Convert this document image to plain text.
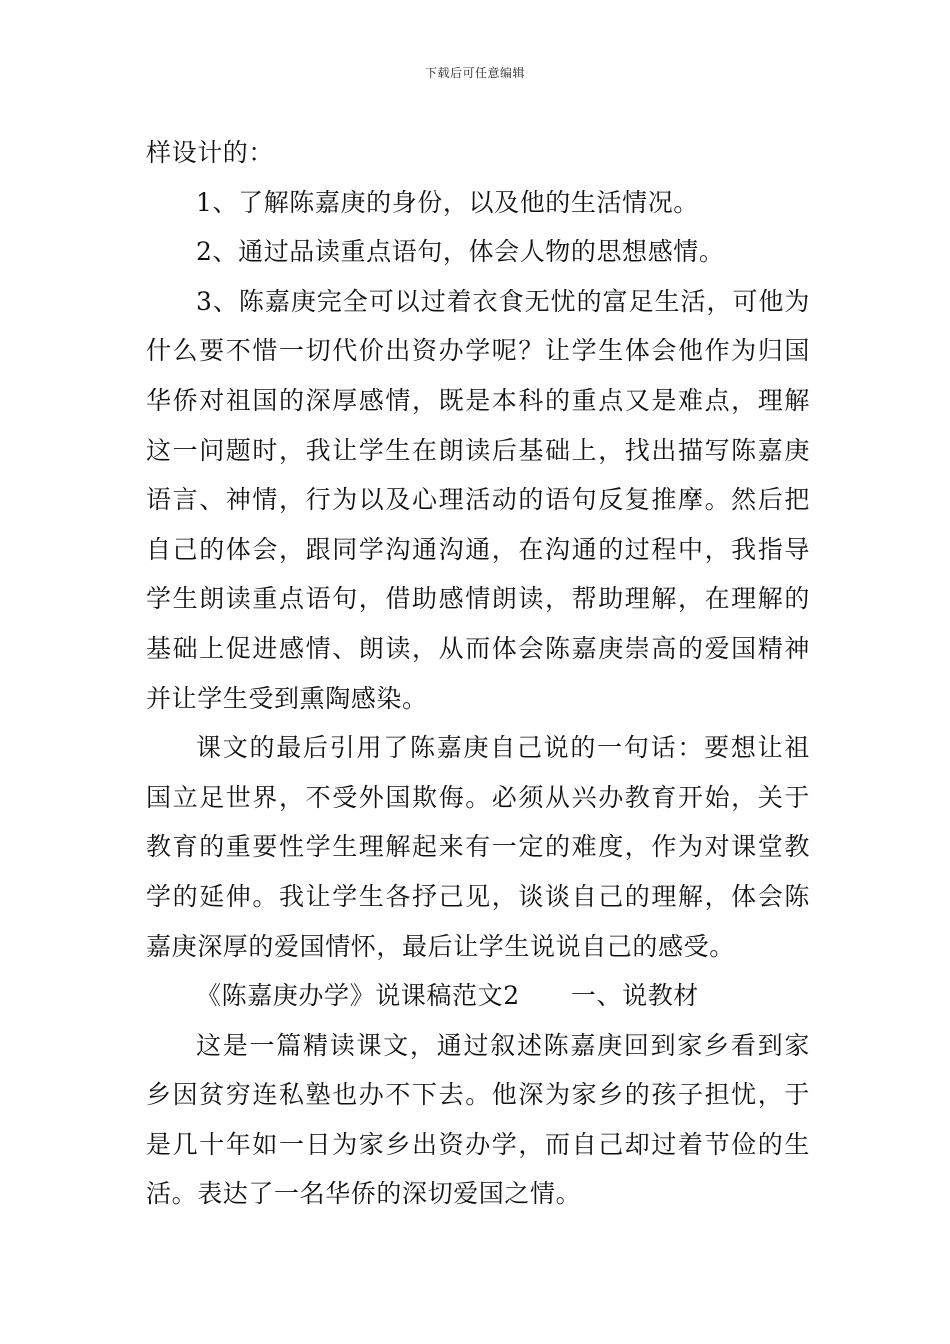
下载后可任意编辑

样设计的：

1、了解陈嘉庚的身份，以及他的生活情况。

2、通过品读重点语句，体会人物的思想感情。

3、陈嘉庚完全可以过着衣食无忧的富足生活，可他为什么要不惜一切代价出资办学呢？让学生体会他作为归国华侨对祖国的深厚感情，既是本科的重点又是难点，理解这一问题时，我让学生在朗读后基础上，找出描写陈嘉庚语言、神情，行为以及心理活动的语句反复推摩。然后把自己的体会，跟同学沟通沟通，在沟通的过程中，我指导学生朗读重点语句，借助感情朗读，帮助理解，在理解的基础上促进感情、朗读，从而体会陈嘉庚崇高的爱国精神并让学生受到熏陶感染。

课文的最后引用了陈嘉庚自己说的一句话：要想让祖国立足世界，不受外国欺侮。必须从兴办教育开始，关于教育的重要性学生理解起来有一定的难度，作为对课堂教学的延伸。我让学生各抒己见，谈谈自己的理解，体会陈嘉庚深厚的爱国情怀，最后让学生说说自己的感受。

《陈嘉庚办学》说课稿范文2　　一、说教材

这是一篇精读课文，通过叙述陈嘉庚回到家乡看到家乡因贫穷连私塾也办不下去。他深为家乡的孩子担忧，于是几十年如一日为家乡出资办学，而自己却过着节俭的生活。表达了一名华侨的深切爱国之情。
